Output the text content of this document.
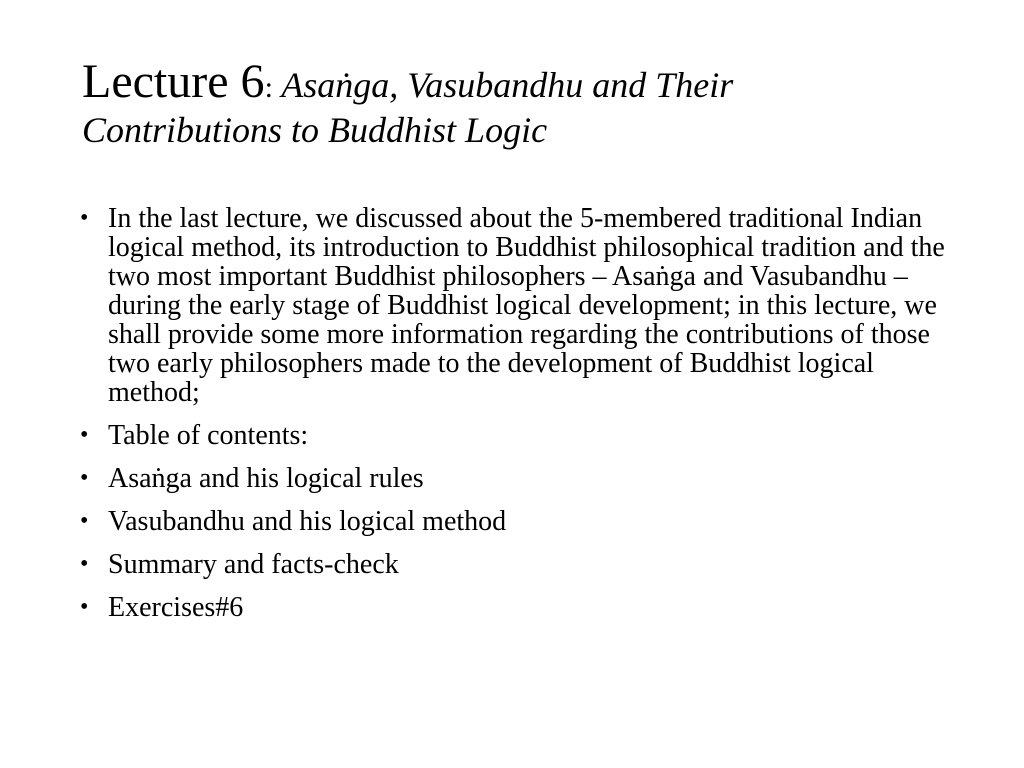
Lecture 6: Asaṅga, Vasubandhu and Their
Contributions to Buddhist Logic
• In the last lecture, we discussed about the 5-membered traditional Indian logical method, its introduction to Buddhist philosophical tradition and the two most important Buddhist philosophers – Asaṅga and Vasubandhu – during the early stage of Buddhist logical development; in this lecture, we shall provide some more information regarding the contributions of those two early philosophers made to the development of Buddhist logical method;
• Table of contents:
• Asaṅga and his logical rules
• Vasubandhu and his logical method
• Summary and facts-check
• Exercises#6
